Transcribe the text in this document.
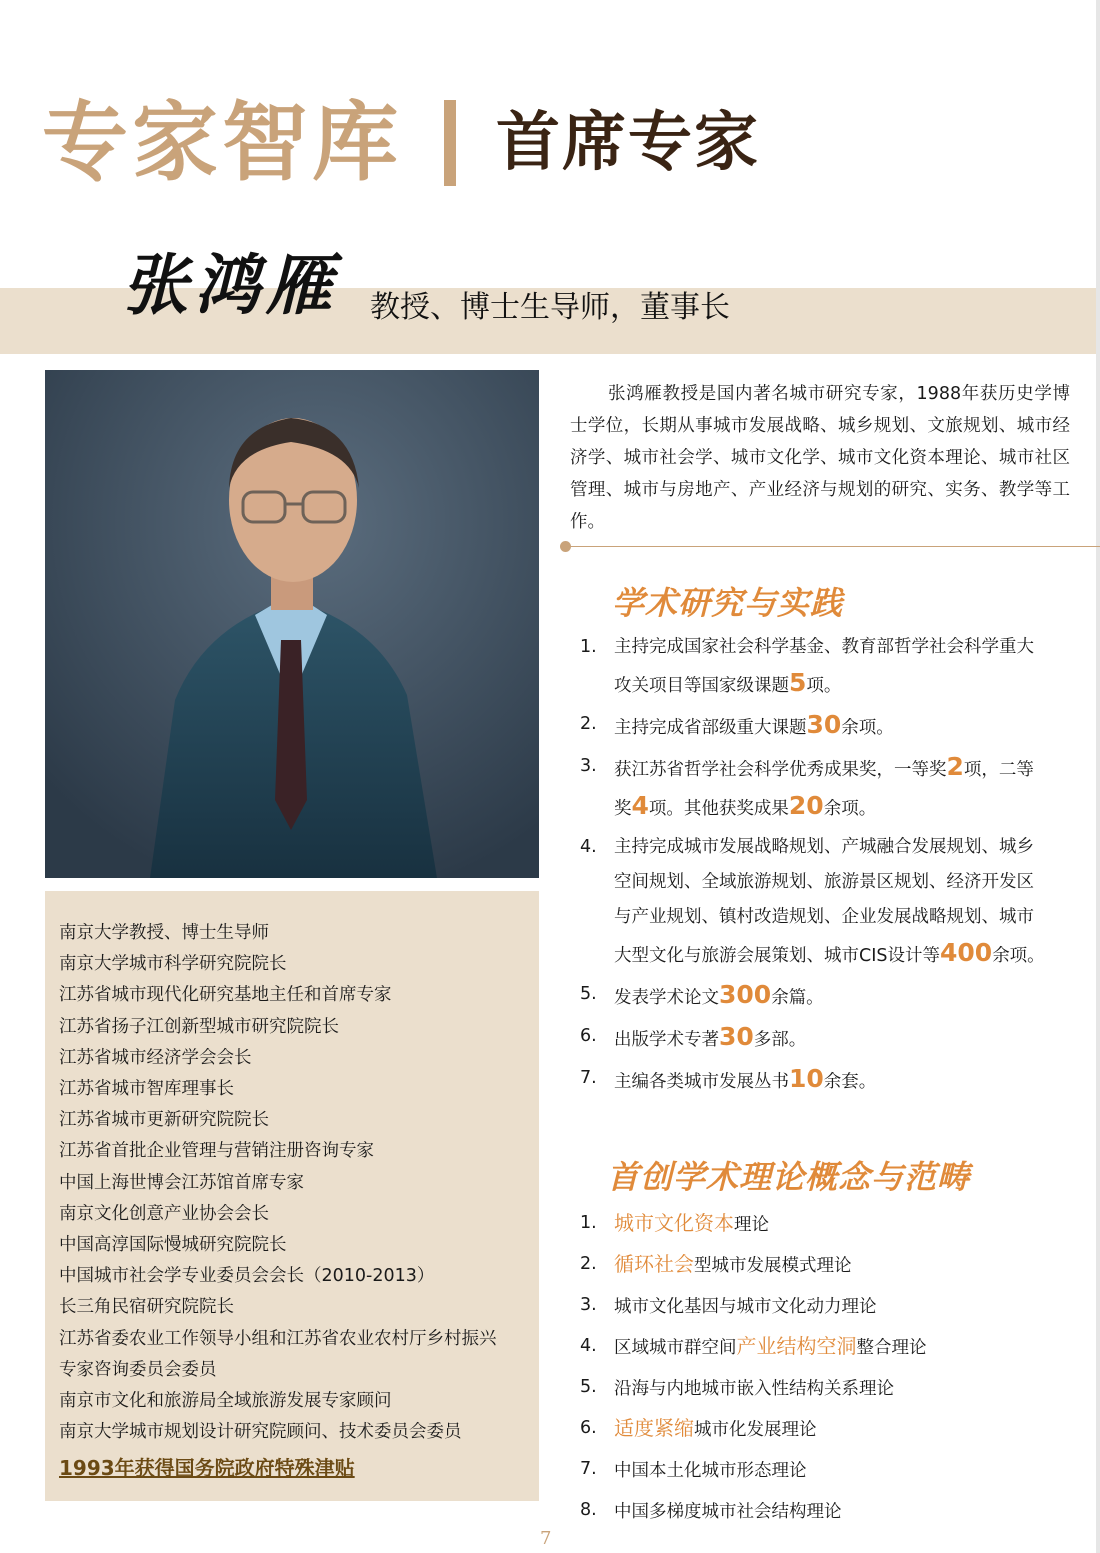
专家智库 首席专家
张鸿雁 教授、博士生导师，董事长

张鸿雁教授是国内著名城市研究专家，1988年获历史学博士学位，长期从事城市发展战略、城乡规划、文旅规划、城市经济学、城市社会学、城市文化学、城市文化资本理论、城市社区管理、城市与房地产、产业经济与规划的研究、实务、教学等工作。

学术研究与实践
1. 主持完成国家社会科学基金、教育部哲学社会科学重大攻关项目等国家级课题5项。
2. 主持完成省部级重大课题30余项。
3. 获江苏省哲学社会科学优秀成果奖，一等奖2项，二等奖4项。其他获奖成果20余项。
4. 主持完成城市发展战略规划、产城融合发展规划、城乡空间规划、全域旅游规划、旅游景区规划、经济开发区与产业规划、镇村改造规划、企业发展战略规划、城市大型文化与旅游会展策划、城市CIS设计等400余项。
5. 发表学术论文300余篇。
6. 出版学术专著30多部。
7. 主编各类城市发展丛书10余套。
首创学术理论概念与范畴
1. 城市文化资本理论
2. 循环社会型城市发展模式理论
3. 城市文化基因与城市文化动力理论
4. 区域城市群空间产业结构空洞整合理论
5. 沿海与内地城市嵌入性结构关系理论
6. 适度紧缩城市化发展理论
7. 中国本土化城市形态理论
8. 中国多梯度城市社会结构理论
南京大学教授、博士生导师
南京大学城市科学研究院院长
江苏省城市现代化研究基地主任和首席专家
江苏省扬子江创新型城市研究院院长
江苏省城市经济学会会长
江苏省城市智库理事长
江苏省城市更新研究院院长
江苏省首批企业管理与营销注册咨询专家
中国上海世博会江苏馆首席专家
南京文化创意产业协会会长
中国高淳国际慢城研究院院长
中国城市社会学专业委员会会长（2010-2013）
长三角民宿研究院院长
江苏省委农业工作领导小组和江苏省农业农村厅乡村振兴
专家咨询委员会委员
南京市文化和旅游局全域旅游发展专家顾问
南京大学城市规划设计研究院顾问、技术委员会委员
1993年获得国务院政府特殊津贴
7
